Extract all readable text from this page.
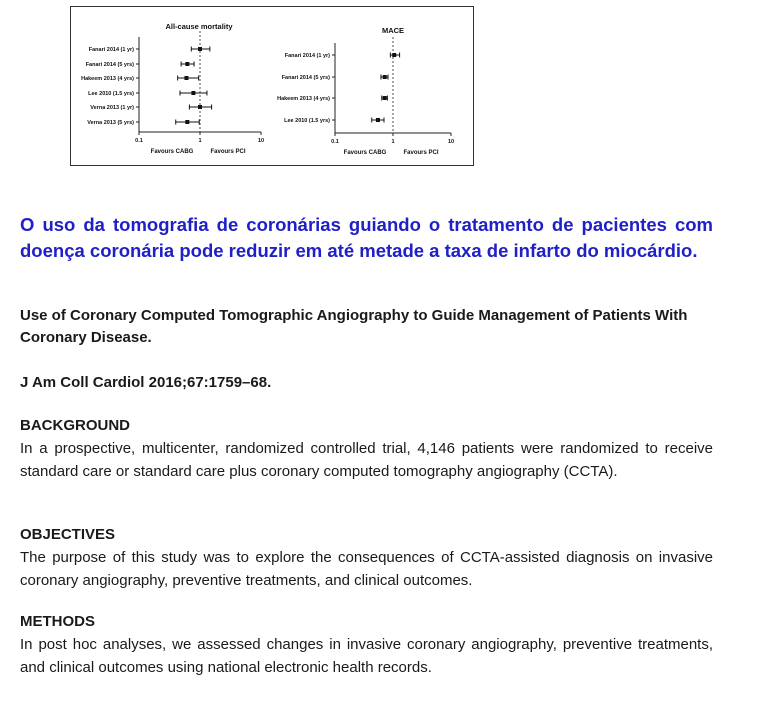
All-cause mortality
0.1	1	10
Favours CABG	Favours PCI
Fanari 2014 (1 yr)
Fanari 2014 (5 yrs)
Hakeem 2013 (4 yrs)
Lee 2010 (1.5 yrs)
Verna 2013 (1 yr)
Verna 2013 (5 yrs)
MACE
0.1	1	10
Favours CABG	Favours PCI
Fanari 2014 (1 yr)
Fanari 2014 (5 yrs)
Hakeem 2013 (4 yrs)
Lee 2010 (1.5 yrs)

O uso da tomografia de coronárias guiando o tratamento de pacientes com doença coronária pode reduzir em até metade a taxa de infarto do miocárdio.

Use of Coronary Computed Tomographic Angiography to Guide Management of Patients With Coronary Disease.

J Am Coll Cardiol 2016;67:1759–68.

BACKGROUND

In a prospective, multicenter, randomized controlled trial, 4,146 patients were randomized to receive standard care or standard care plus coronary computed tomography angiography (CCTA).

OBJECTIVES

The purpose of this study was to explore the consequences of CCTA-assisted diagnosis on invasive coronary angiography, preventive treatments, and clinical outcomes.

METHODS

In post hoc analyses, we assessed changes in invasive coronary angiography, preventive treatments, and clinical outcomes using national electronic health records.
